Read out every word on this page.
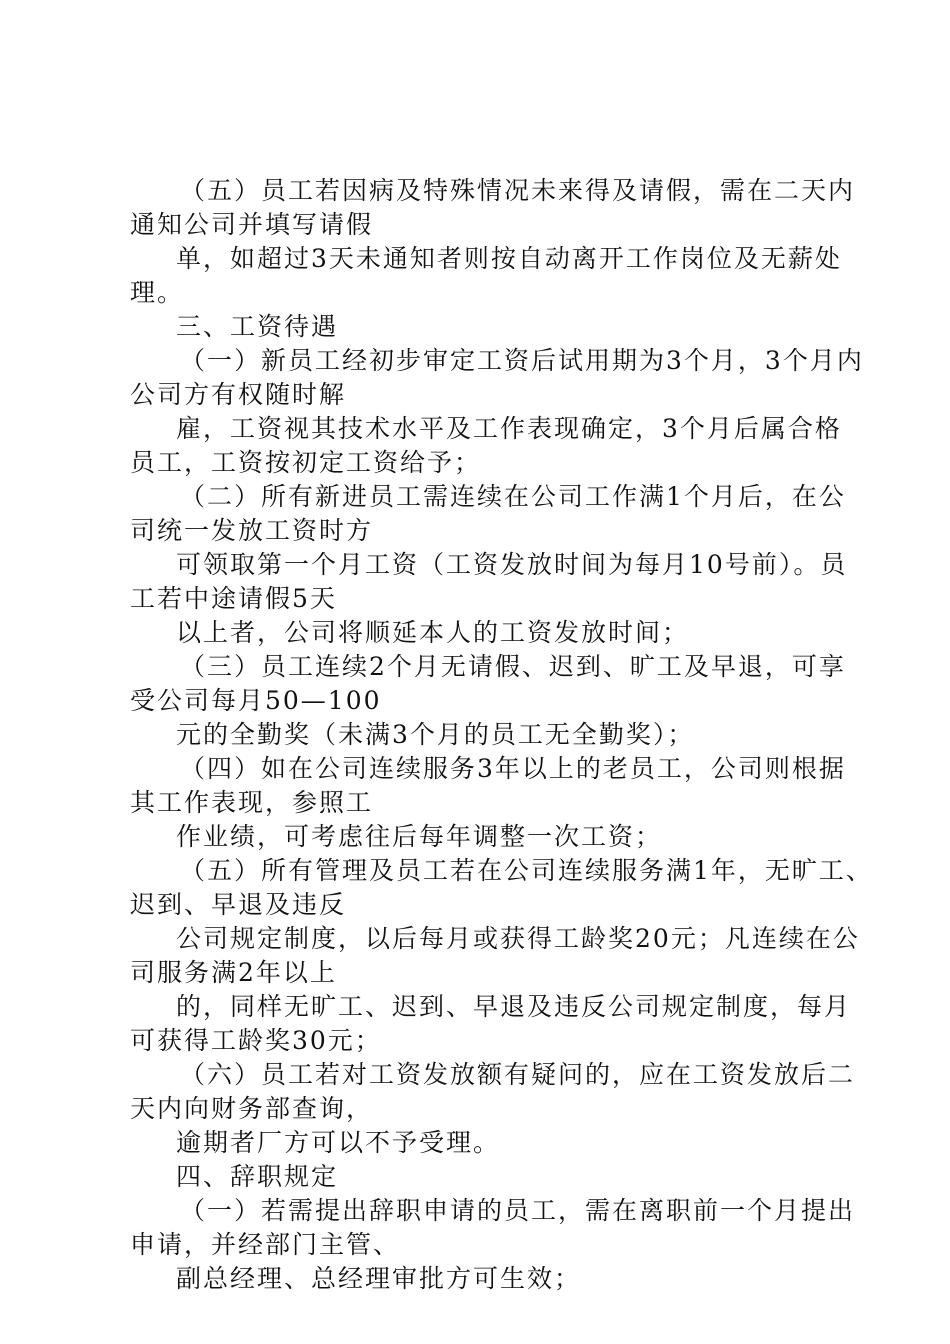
（五）员工若因病及特殊情况未来得及请假，需在二天内
通知公司并填写请假
单，如超过3天未通知者则按自动离开工作岗位及无薪处
理。
三、工资待遇
（一）新员工经初步审定工资后试用期为3个月，3个月内
公司方有权随时解
雇，工资视其技术水平及工作表现确定，3个月后属合格
员工，工资按初定工资给予；
（二）所有新进员工需连续在公司工作满1个月后，在公
司统一发放工资时方
可领取第一个月工资（工资发放时间为每月10号前）。员
工若中途请假5天
以上者，公司将顺延本人的工资发放时间；
（三）员工连续2个月无请假、迟到、旷工及早退，可享
受公司每月50—100
元的全勤奖（未满3个月的员工无全勤奖）；
（四）如在公司连续服务3年以上的老员工，公司则根据
其工作表现，参照工
作业绩，可考虑往后每年调整一次工资；
（五）所有管理及员工若在公司连续服务满1年，无旷工、
迟到、早退及违反
公司规定制度，以后每月或获得工龄奖20元；凡连续在公
司服务满2年以上
的，同样无旷工、迟到、早退及违反公司规定制度，每月
可获得工龄奖30元；
（六）员工若对工资发放额有疑问的，应在工资发放后二
天内向财务部查询，
逾期者厂方可以不予受理。
四、辞职规定
（一）若需提出辞职申请的员工，需在离职前一个月提出
申请，并经部门主管、
副总经理、总经理审批方可生效；
